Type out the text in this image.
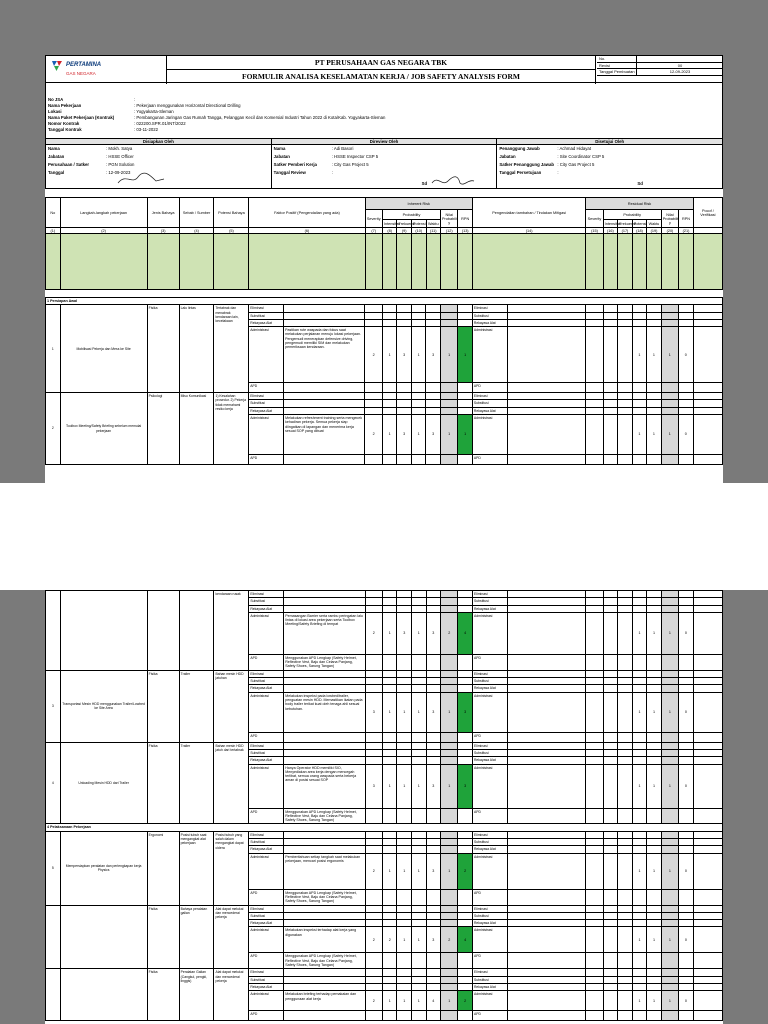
PERTAMINA
GAS NEGARA
PT PERUSAHAAN GAS NEGARA TBK
FORMULIR ANALISA KESELAMATAN KERJA / JOB SAFETY ANALYSIS FORM
No.
Revisi	00
Tanggal Pembuatan	12-09-2023
No JSA	:
Nama Pekerjaan	: Pekerjaan menggunakan Horizontal Directional Drilling
Lokasi	: Yogyakarta-Sleman
Nama Paket Pekerjaan (Kontrak)	: Pembangunan Jaringan Gas Rumah Tangga, Pelanggan Kecil dan Komersial Industri Tahun 2022 di Kota/Kab. Yogyakarta-Sleman
Nomor Kontrak	: 022200.SPR.01/INT/2022
Tanggal Kontrak	: 03-11-2022
Disiapkan Oleh
Nama	: Mokh. Satya
Jabatan	: HSSE Officer
Perusahaan / Satker	: PGN Solution
Tanggal	: 12-09-2023
Direview Oleh
Nama	: Adi Basori
Jabatan	: HSSE Inspector CSP 5
Satker Pemberi Kerja	: City Gas Project 5
Tanggal Review	:
Sd
Disetujui Oleh
Penanggung Jawab	: Achmad Hidayat
Jabatan	: Site Coordinator CSP 5
Satker Penanggung Jawab : City Gas Project 5
Tanggal Persetujuan	:
Sd
No	Langkah-langkah pekerjaan	Jenis Bahaya	Sebab / Sumber	Potensi Bahaya	Faktor Positif (Pengendalian yang ada)	Inherent Risk							Pengendalian tambahan / Tindakan Mitigasi	Residual Risk							Pocof / Verifikasi
						Severity	Probability				Nilai Probabilit y	RPN		Severity	Probability				Nilai Probabilit y	RPN	
							Intensitas	Frekuensi	Potensi	Waktu					Intensitas	Frekuensi	Potensi	Waktu			
(1)	(2)	(3)	(4)	(5)	(6)	(7)	(8)	(9)	(10)	(11)	(12)	(13)	(14)	(15)	(16)	(17)	(18)	(19)	(20)	(21)	

1 Persiapan Awal																							
1	Mobilisasi Pekerja dan Mess ke Site	Fisika	Lalu lintas	Tertabrak dan menabrak kendaraan lain, kecelakaan	Eliminasi									Eliminasi									
					Substitusi									Substitusi									
					Rekayasa Alat									Rekayasa Alat									
					Administrasi	Pastikan rute waspada dan fokus saat melakukan perjalanan menuju lokasi pekerjaan. Pengemudi menerapkan defensive driving, pengemudi memiliki SIM dan melakukan pemeriksaan kendaraan.	2	1	3	1	3	1	1	Administrasi					1	1	1	0	
					APD									APD									
2	Toolbox Meeting/Safety Briefing sebelum memulai pekerjaan	Psikologi	Misu Komunikasi	1) Kesalahan prosedur. 2) Pekerja tidak memahami resiko kerja	Eliminasi									Eliminasi									
					Substitusi									Substitusi									
					Rekayasa Alat									Rekayasa Alat									
					Administrasi	Melakukan refreshment training serta mengecek kehadiran pekerja. Semua pekerja siap diingatkan di lapangan dan menerima kerja sesuai SOP yang dibuat	2	1	3	1	3	1	1	Administrasi					1	1	1	0	
					APD									APD									
				kendaraan rusak	Eliminasi									Eliminasi									
					Substitusi									Substitusi									
					Rekayasa Alat									Rekayasa Alat									
					Administrasi	Pemasangan Barrier serta rambu peringatan lalu lintas di lokasi area pekerjaan serta Toolbox Meeting/Safety Briefing di tempat	2	1	3	1	3	2	4	Administrasi					1	1	1	0	
					APD	Menggunakan APD Lengkap (Safety Helmet, Reflective Vest, Baju dan Celana Panjang, Safety Shoes, Sarung Tangan)								APD									
3	Transportasi Mesin HDD menggunakan Trailer/Lowbed ke Site Area	Fisika	Trailer	Bahan mesin HDD jatuhan	Eliminasi									Eliminasi									
					Substitusi									Substitusi									
					Rekayasa Alat									Rekayasa Alat									
					Administrasi	Melakukan inspeksi pada lowbed/trailer, penguatan mesin HDD. Memastikan ikatan pada body trailer terikat kuat oleh tenaga ahli sesuai kebutuhan.	3	1	1	1	3	1	3	Administrasi					1	1	1	0	
					APD									APD									
4	Unloading Mesin HDD dari Trailer	Fisika	Trailer	Bahan mesin HDD jatuh dari tertabrak	Eliminasi									Eliminasi									
					Substitusi									Substitusi									
					Rekayasa Alat									Rekayasa Alat									
					Administrasi	Hanya Operator HDD memiliki SIO, Menyediakan area kerja dengan mencegah terlibat, semua orang waspada serta bekerja aman di posisi sesuai SOP	3	1	1	1	3	1	3	Administrasi					1	1	1	0	
					APD	Menggunakan APD Lengkap (Safety Helmet, Reflective Vest, Baju dan Celana Panjang, Safety Shoes, Sarung Tangan)								APD									
4 Pelaksanaan Pekerjaan																							
5	Mempersiapkan peralatan dan perlengkapan kerja Physics	Ergonomi	Posisi tubuh saat mengangkat alat pekerjaan	Posisi tubuh yang salah dalam mengangkat dapat cidera	Eliminasi									Eliminasi									
					Substitusi									Substitusi									
					Rekayasa Alat									Rekayasa Alat									
					Administrasi	Pemberitahuan setiap tangkah saat melakukan pekerjaan, mencari posisi ergonomis	2	1	1	1	3	1	2	Administrasi					1	1	1	0	
					APD	Menggunakan APD Lengkap (Safety Helmet, Reflective Vest, Baju dan Celana Panjang, Safety Shoes, Sarung Tangan)								APD									
		Fisika	Bahaya peralatan galian	Alat dapat melukai dan mencederai pekerja	Eliminasi									Eliminasi									
					Substitusi									Substitusi									
					Rekayasa Alat									Rekayasa Alat									
					Administrasi	Melakukan inspeksi terhadap alat kerja yang digunakan	2	2	1	1	3	2	4	Administrasi					1	1	1	0	
					APD	Menggunakan APD Lengkap (Safety Helmet, Reflective Vest, Baju dan Celana Panjang, Safety Shoes, Sarung Tangan)								APD									
		Fisika	Peralatan Galian (Cangkul, pengki, linggis)	Alat dapat melukai dan mencederai pekerja	Eliminasi									Eliminasi									
					Substitusi									Substitusi									
					Rekayasa Alat									Rekayasa Alat									
					Administrasi	Melakukan briefing terhadap pemakaian dan penggunaan alat kerja	2	1	1	1	4	1	2	Administrasi					1	1	1	0	
					APD									APD									
